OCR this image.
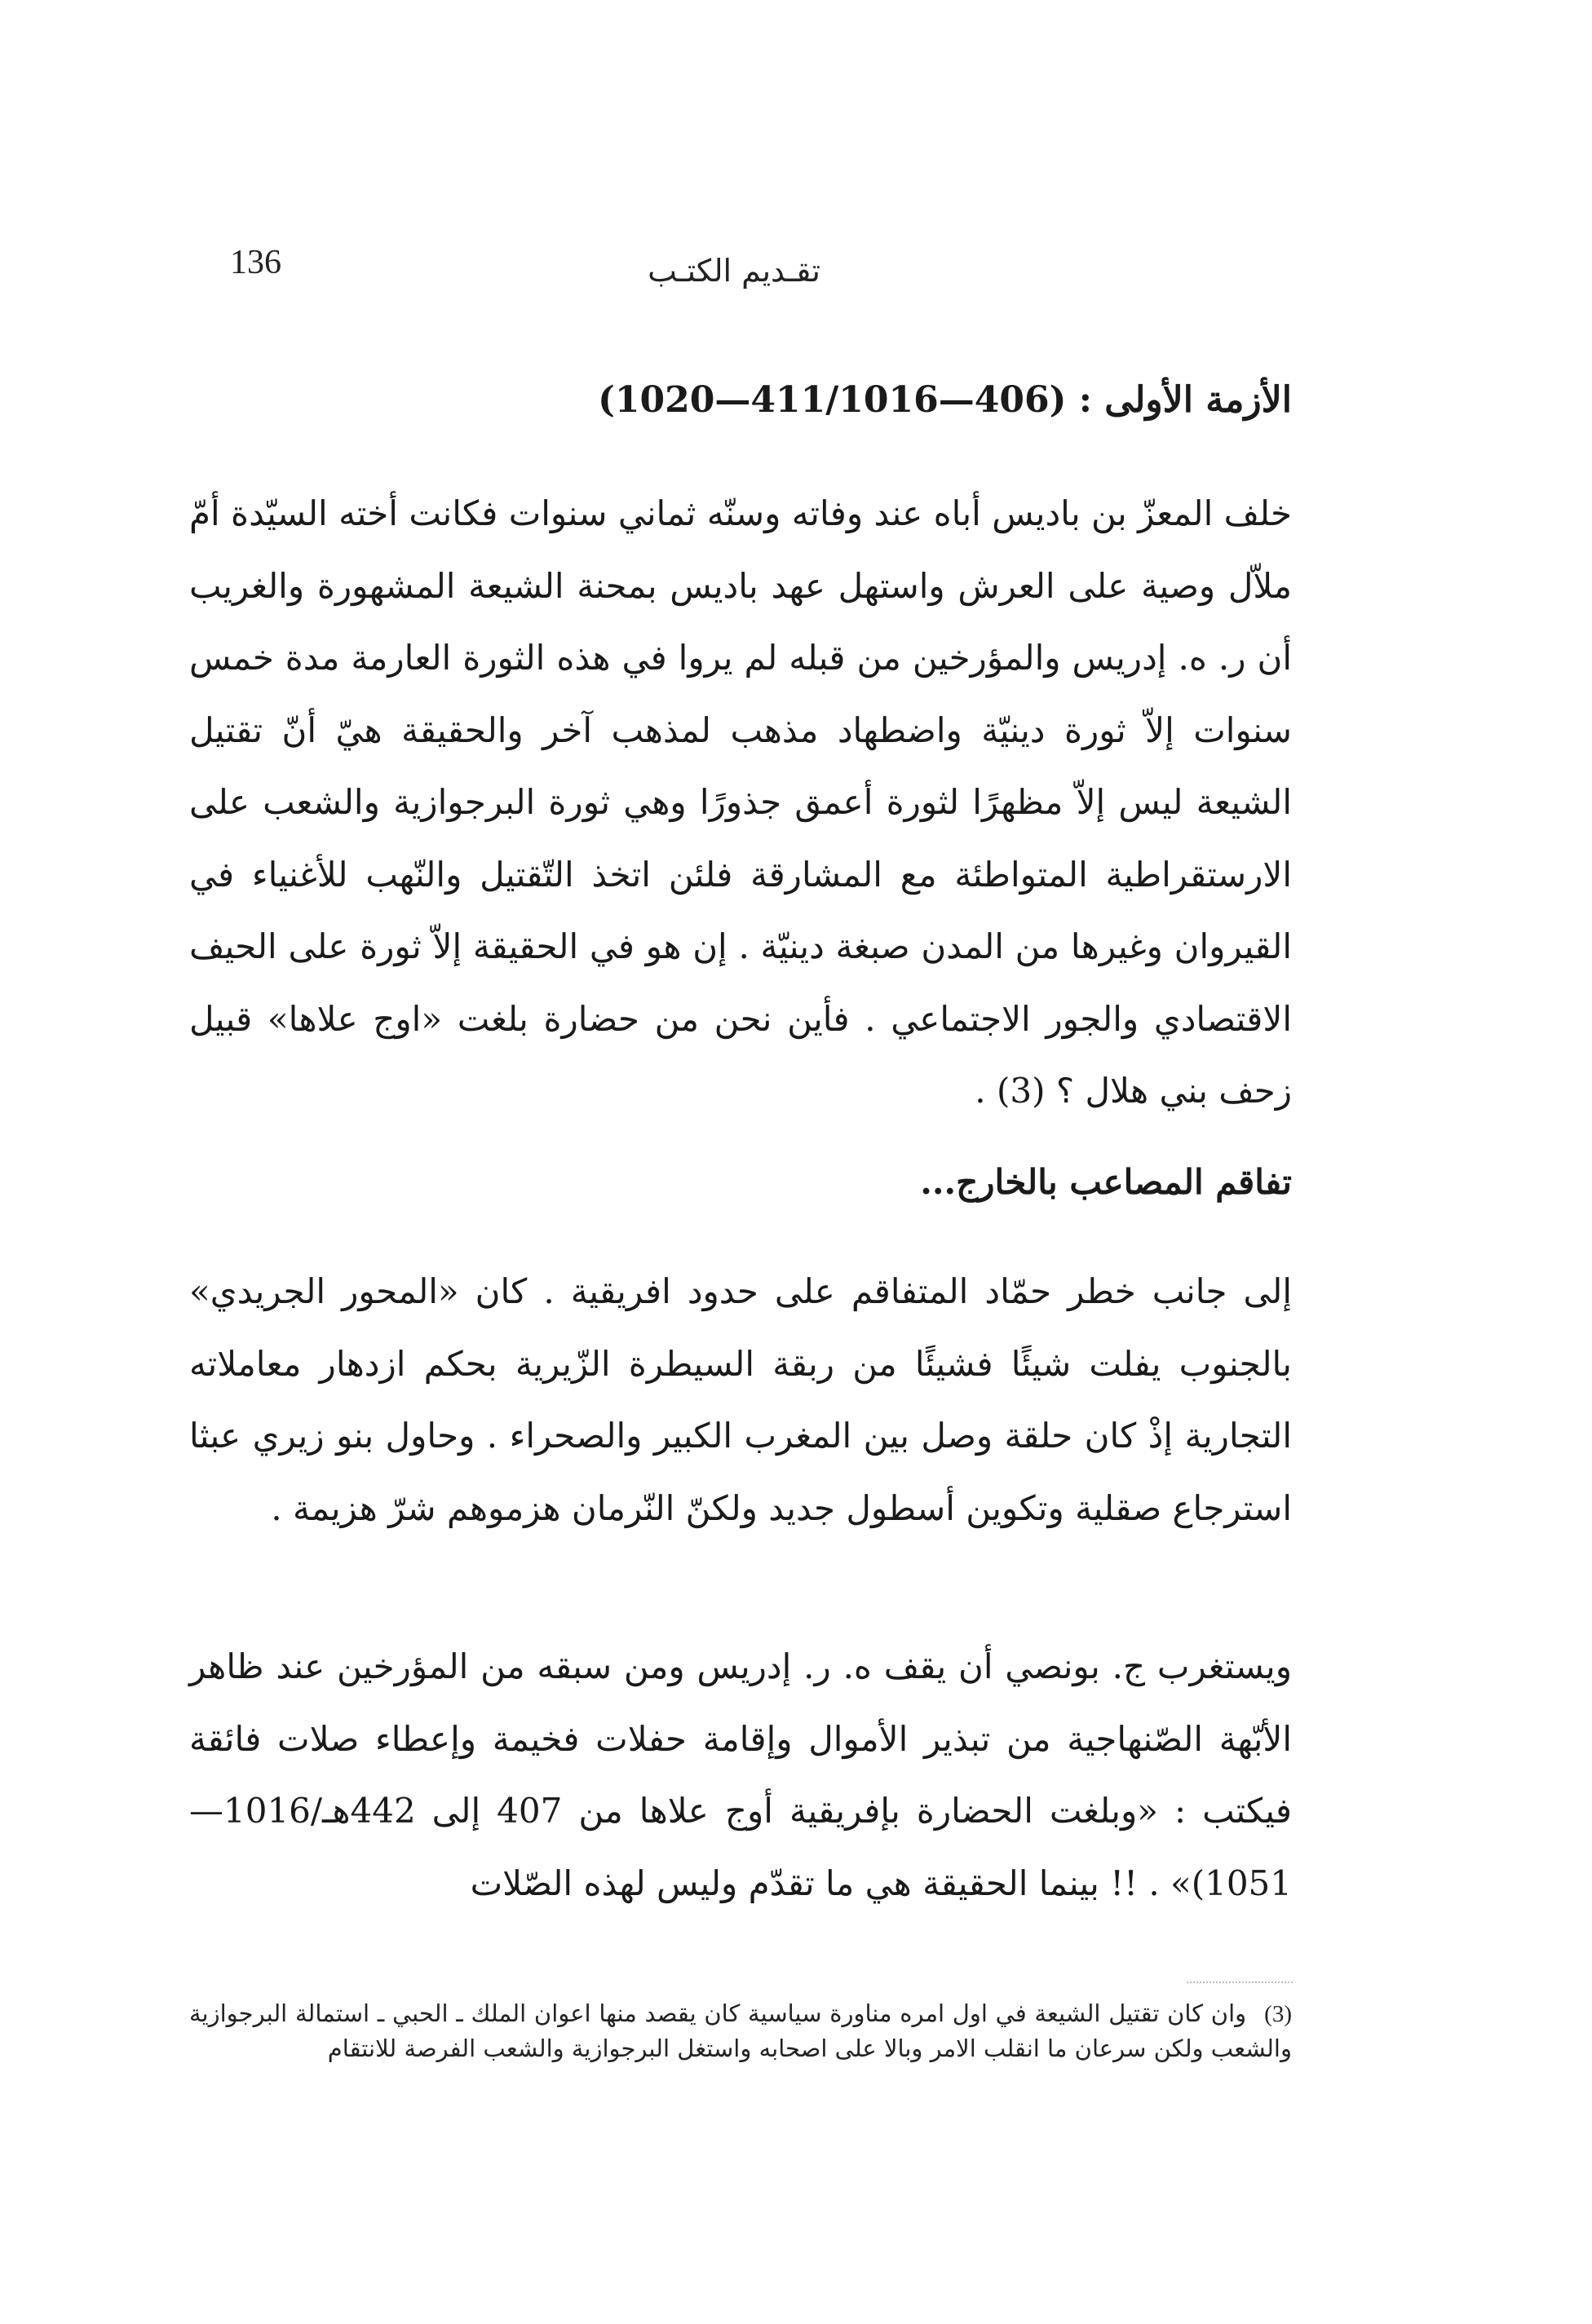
136	تقـديم الكتـب
الأزمة الأولى : (406—411/1016—1020)

خلف المعزّ بن باديس أباه عند وفاته وسنّه ثماني سنوات فكانت أخته السيّدة أمّ ملاّل وصية على العرش واستهل عهد باديس بمحنة الشيعة المشهورة والغريب أن ر. ه. إدريس والمؤرخين من قبله لم يروا في هذه الثورة العارمة مدة خمس سنوات إلاّ ثورة دينيّة واضطهاد مذهب لمذهب آخر والحقيقة هيّ أنّ تقتيل الشيعة ليس إلاّ مظهرًا لثورة أعمق جذورًا وهي ثورة البرجوازية والشعب على الارستقراطية المتواطئة مع المشارقة فلئن اتخذ التّقتيل والنّهب للأغنياء في القيروان وغيرها من المدن صبغة دينيّة . إن هو في الحقيقة إلاّ ثورة على الحيف الاقتصادي والجور الاجتماعي . فأين نحن من حضارة بلغت «اوج علاها» قبيل زحف بني هلال ؟ (3) .

تفاقم المصاعب بالخارج...

إلى جانب خطر حمّاد المتفاقم على حدود افريقية . كان «المحور الجريدي» بالجنوب يفلت شيئًا فشيئًا من ربقة السيطرة الزّيرية بحكم ازدهار معاملاته التجارية إذْ كان حلقة وصل بين المغرب الكبير والصحراء . وحاول بنو زيري عبثا استرجاع صقلية وتكوين أسطول جديد ولكنّ النّرمان هزموهم شرّ هزيمة .

ويستغرب ج. بونصي أن يقف ه. ر. إدريس ومن سبقه من المؤرخين عند ظاهر الأبّهة الصّنهاجية من تبذير الأموال وإقامة حفلات فخيمة وإعطاء صلات فائقة فيكتب : «وبلغت الحضارة بإفريقية أوج علاها من 407 إلى 442هـ/1016—1051)» . !! بينما الحقيقة هي ما تقدّم وليس لهذه الصّلات

(3)وان كان تقتيل الشيعة في اول امره مناورة سياسية كان يقصد منها اعوان الملك ـ الحبي ـ استمالة البرجوازية والشعب ولكن سرعان ما انقلب الامر وبالا على اصحابه واستغل البرجوازية والشعب الفرصة للانتقام
